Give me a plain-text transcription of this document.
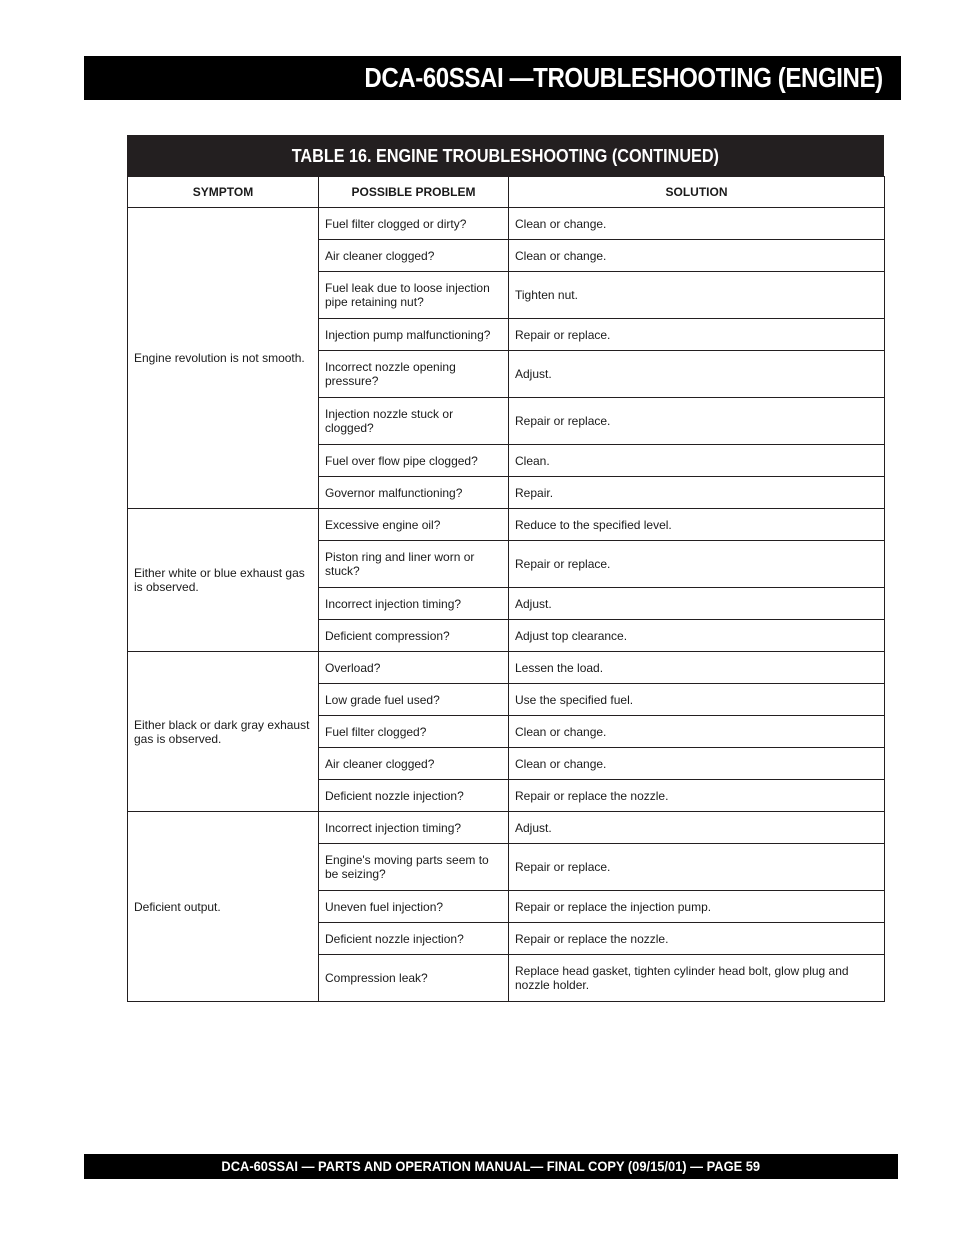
DCA-60SSAI —TROUBLESHOOTING (ENGINE)
TABLE 16. ENGINE TROUBLESHOOTING (CONTINUED)
SYMPTOM	POSSIBLE PROBLEM	SOLUTION
Engine revolution is not smooth.	Fuel filter clogged or dirty?	Clean or change.
	Air cleaner clogged?	Clean or change.
	Fuel leak due to loose injection pipe retaining nut?	Tighten nut.
	Injection pump malfunctioning?	Repair or replace.
	Incorrect nozzle opening pressure?	Adjust.
	Injection nozzle stuck or clogged?	Repair or replace.
	Fuel over flow pipe clogged?	Clean.
	Governor malfunctioning?	Repair.
Either white or blue exhaust gas is observed.	Excessive engine oil?	Reduce to the specified level.
	Piston ring and liner worn or stuck?	Repair or replace.
	Incorrect injection timing?	Adjust.
	Deficient compression?	Adjust top clearance.
Either black or dark gray exhaust gas is observed.	Overload?	Lessen the load.
	Low grade fuel used?	Use the specified fuel.
	Fuel filter clogged?	Clean or change.
	Air cleaner clogged?	Clean or change.
	Deficient nozzle injection?	Repair or replace the nozzle.
Deficient output.	Incorrect injection timing?	Adjust.
	Engine's moving parts seem to be seizing?	Repair or replace.
	Uneven fuel injection?	Repair or replace the injection pump.
	Deficient nozzle injection?	Repair or replace the nozzle.
	Compression leak?	Replace head gasket, tighten cylinder head bolt, glow plug and nozzle holder.
DCA-60SSAI — PARTS AND OPERATION MANUAL— FINAL COPY (09/15/01) — PAGE 59
